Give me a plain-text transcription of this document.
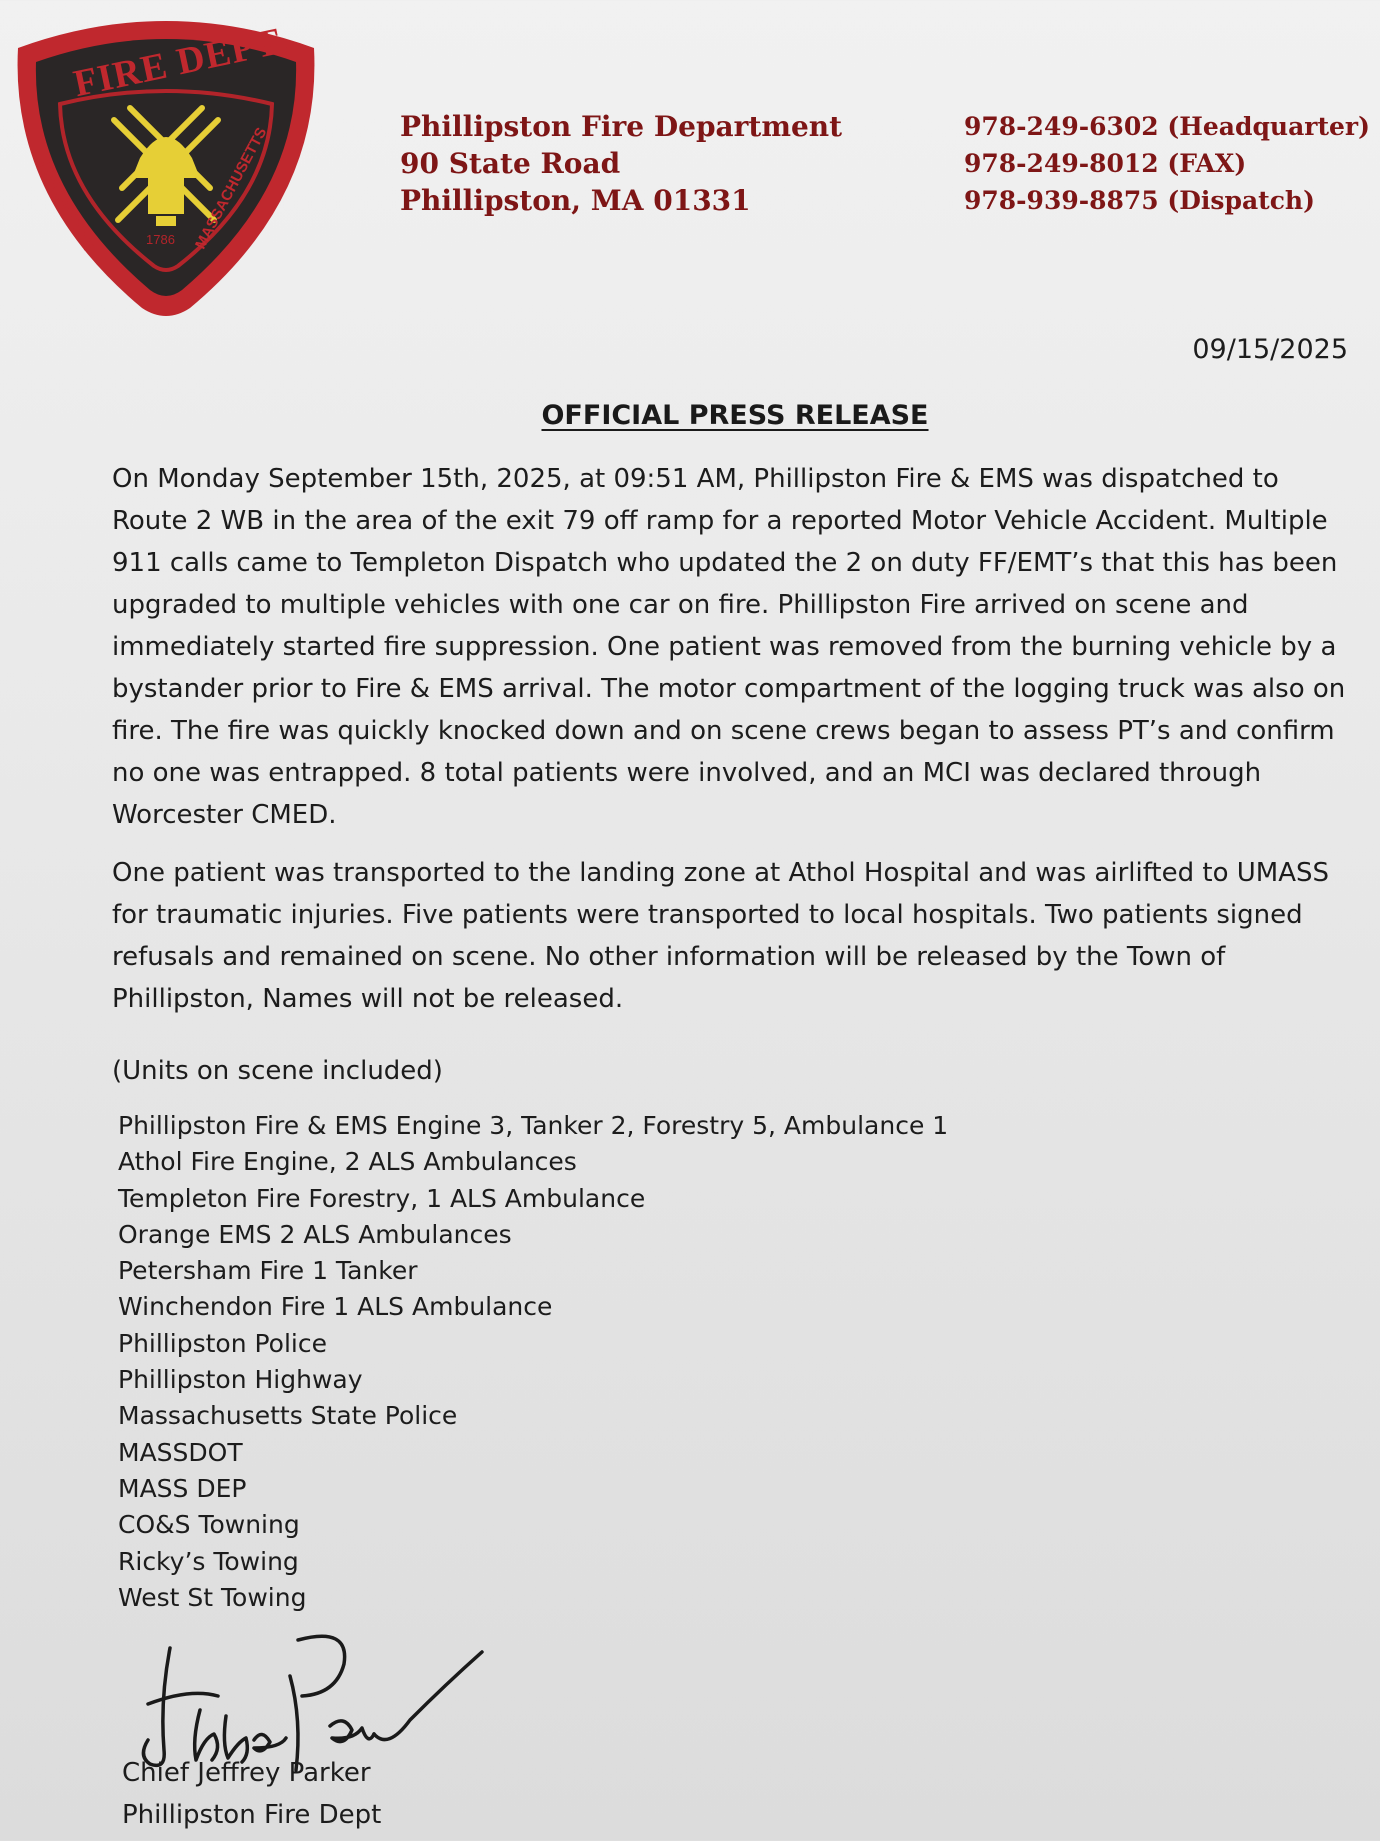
FIRE DEPT.
PHILLIPSTON	MASSACHUSETTS
1786
Phillipston Fire Department
90 State Road
Phillipston, MA 01331
978-249-6302 (Headquarter)
978-249-8012 (FAX)
978-939-8875 (Dispatch)
09/15/2025
OFFICIAL PRESS RELEASE

On Monday September 15th, 2025, at 09:51 AM, Phillipston Fire & EMS was dispatched to Route 2 WB in the area of the exit 79 off ramp for a reported Motor Vehicle Accident. Multiple 911 calls came to Templeton Dispatch who updated the 2 on duty FF/EMT’s that this has been upgraded to multiple vehicles with one car on fire. Phillipston Fire arrived on scene and immediately started fire suppression. One patient was removed from the burning vehicle by a bystander prior to Fire & EMS arrival. The motor compartment of the logging truck was also on fire. The fire was quickly knocked down and on scene crews began to assess PT’s and confirm no one was entrapped. 8 total patients were involved, and an MCI was declared through Worcester CMED.

One patient was transported to the landing zone at Athol Hospital and was airlifted to UMASS for traumatic injuries. Five patients were transported to local hospitals. Two patients signed refusals and remained on scene. No other information will be released by the Town of Phillipston, Names will not be released.

(Units on scene included)
Phillipston Fire & EMS Engine 3, Tanker 2, Forestry 5, Ambulance 1
Athol Fire Engine, 2 ALS Ambulances
Templeton Fire Forestry, 1 ALS Ambulance
Orange EMS 2 ALS Ambulances
Petersham Fire 1 Tanker
Winchendon Fire 1 ALS Ambulance
Phillipston Police
Phillipston Highway
Massachusetts State Police
MASSDOT
MASS DEP
CO&S Towning
Ricky’s Towing
West St Towing
Chief Jeffrey Parker
Phillipston Fire Dept
